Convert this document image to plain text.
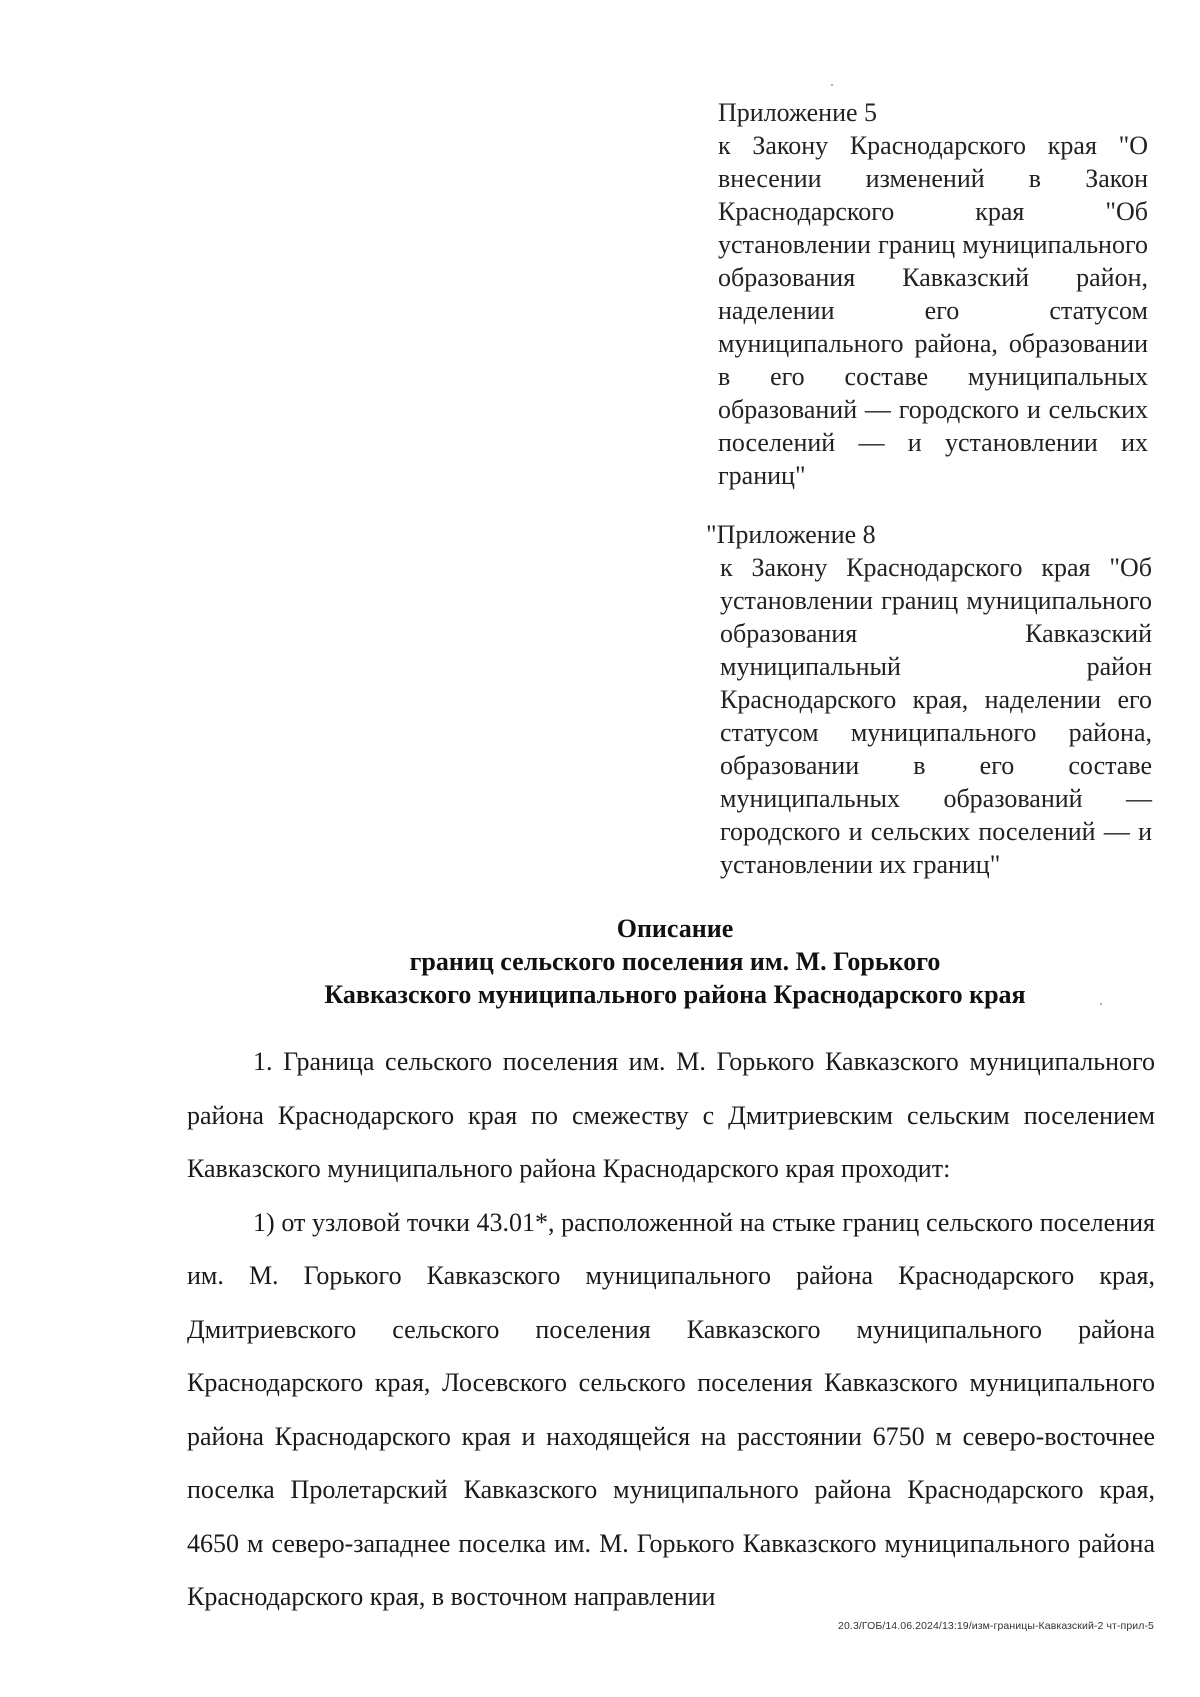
Приложение 5
к Закону Краснодарского края "О внесении изменений в Закон Краснодарского края "Об установлении границ муниципального образования Кавказский район, наделении его статусом муниципального района, образовании в его составе муниципальных образований — городского и сельских поселений — и установлении их границ"
"Приложение 8
к Закону Краснодарского края "Об установлении границ муниципального образования Кавказский муниципальный район Краснодарского края, наделении его статусом муниципального района, образовании в его составе муниципальных образований — городского и сельских поселений — и установлении их границ"
Описание
границ сельского поселения им. М. Горького
Кавказского муниципального района Краснодарского края

1. Граница сельского поселения им. М. Горького Кавказского муниципального района Краснодарского края по смежеству с Дмитриевским сельским поселением Кавказского муниципального района Краснодарского края проходит:

1) от узловой точки 43.01*, расположенной на стыке границ сельского поселения им. М. Горького Кавказского муниципального района Краснодарского края, Дмитриевского сельского поселения Кавказского муниципального района Краснодарского края, Лосевского сельского поселения Кавказского муниципального района Краснодарского края и находящейся на расстоянии 6750 м северо-восточнее поселка Пролетарский Кавказского муниципального района Краснодарского края, 4650 м северо-западнее поселка им. М. Горького Кавказского муниципального района Краснодарского края, в восточном направлении

20.3/ГОБ/14.06.2024/13:19/изм-границы-Кавказский-2 чт-прил-5
